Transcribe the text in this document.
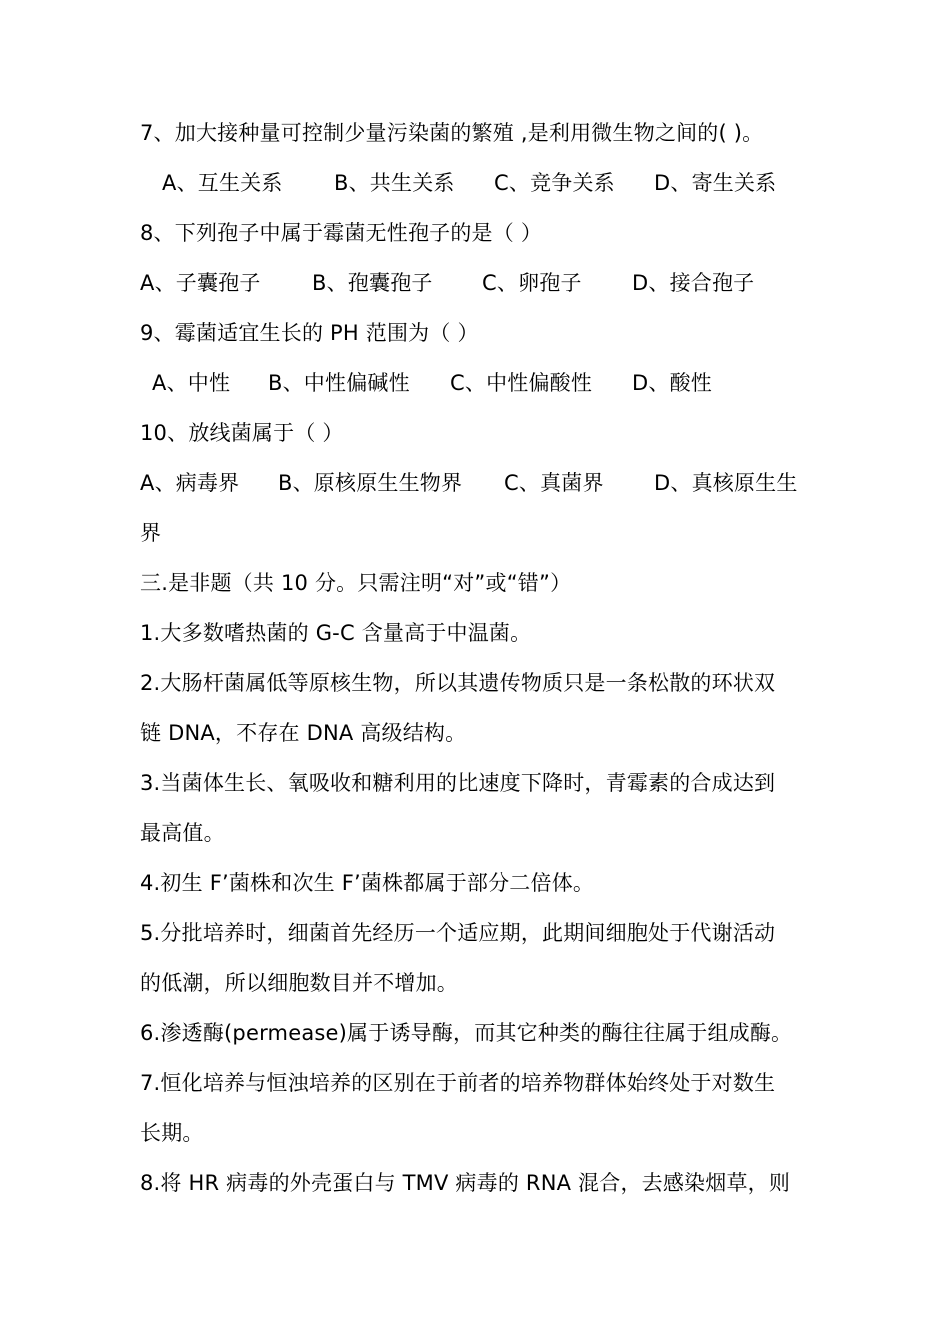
7、加大接种量可控制少量污染菌的繁殖 ,是利用微生物之间的( )。
A、互生关系	B、共生关系	C、竞争关系	D、寄生关系
8、下列孢子中属于霉菌无性孢子的是（ ）
A、子囊孢子	B、孢囊孢子	C、卵孢子	D、接合孢子
9、霉菌适宜生长的 PH 范围为（ ）
A、中性	B、中性偏碱性	C、中性偏酸性	D、酸性
10、放线菌属于（ ）
A、病毒界	B、原核原生生物界	C、真菌界	D、真核原生生
界
三.是非题（共 10 分。只需注明“对”或“错”）
1.大多数嗜热菌的 G-C 含量高于中温菌。
2.大肠杆菌属低等原核生物，所以其遗传物质只是一条松散的环状双
链 DNA，不存在 DNA 高级结构。
3.当菌体生长、氧吸收和糖利用的比速度下降时，青霉素的合成达到
最高值。
4.初生 F’菌株和次生 F’菌株都属于部分二倍体。
5.分批培养时，细菌首先经历一个适应期，此期间细胞处于代谢活动
的低潮，所以细胞数目并不增加。
6.渗透酶(permease)属于诱导酶，而其它种类的酶往往属于组成酶。
7.恒化培养与恒浊培养的区别在于前者的培养物群体始终处于对数生
长期。
8.将 HR 病毒的外壳蛋白与 TMV 病毒的 RNA 混合，去感染烟草，则
